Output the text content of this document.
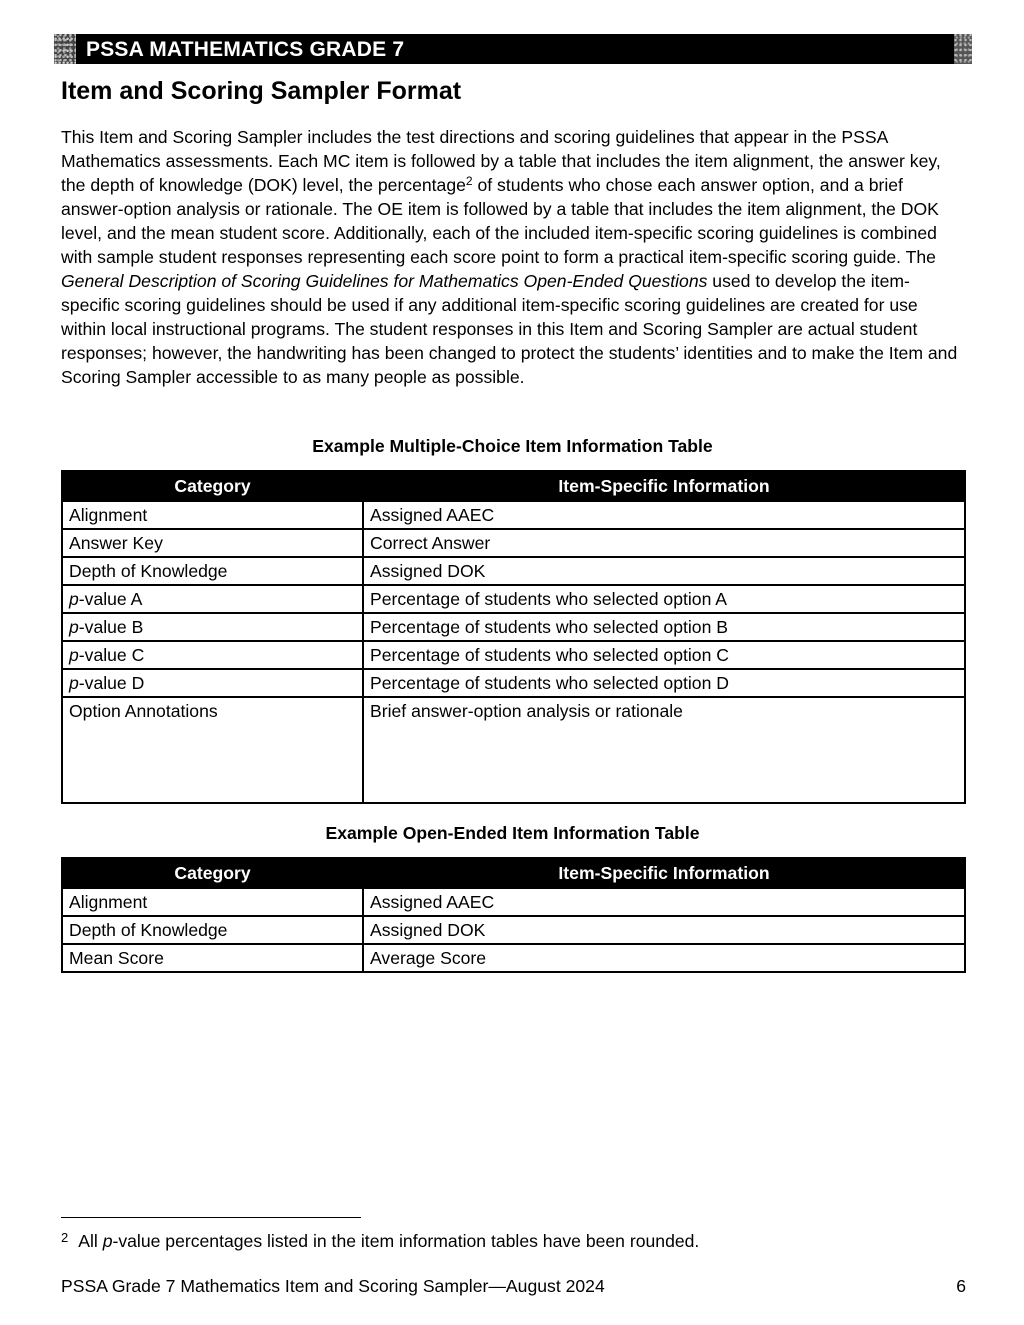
PSSA MATHEMATICS GRADE 7
Item and Scoring Sampler Format

This Item and Scoring Sampler includes the test directions and scoring guidelines that appear in the PSSA Mathematics assessments. Each MC item is followed by a table that includes the item alignment, the answer key, the depth of knowledge (DOK) level, the percentage$^2$ of students who chose each answer option, and a brief answer-option analysis or rationale. The OE item is followed by a table that includes the item alignment, the DOK level, and the mean student score. Additionally, each of the included item-specific scoring guidelines is combined with sample student responses representing each score point to form a practical item-specific scoring guide. The General Description of Scoring Guidelines for Mathematics Open-Ended Questions used to develop the item-specific scoring guidelines should be used if any additional item-specific scoring guidelines are created for use within local instructional programs. The student responses in this Item and Scoring Sampler are actual student responses; however, the handwriting has been changed to protect the students’ identities and to make the Item and Scoring Sampler accessible to as many people as possible.

Example Multiple-Choice Item Information Table
Category	Item-Specific Information
Alignment	Assigned AAEC
Answer Key	Correct Answer
Depth of Knowledge	Assigned DOK
p-value A	Percentage of students who selected option A
p-value B	Percentage of students who selected option B
p-value C	Percentage of students who selected option C
p-value D	Percentage of students who selected option D
Option Annotations	Brief answer-option analysis or rationale
Example Open-Ended Item Information Table
Category	Item-Specific Information
Alignment	Assigned AAEC
Depth of Knowledge	Assigned DOK
Mean Score	Average Score
$^2$ All p-value percentages listed in the item information tables have been rounded.
PSSA Grade 7 Mathematics Item and Scoring Sampler—August 2024	6
